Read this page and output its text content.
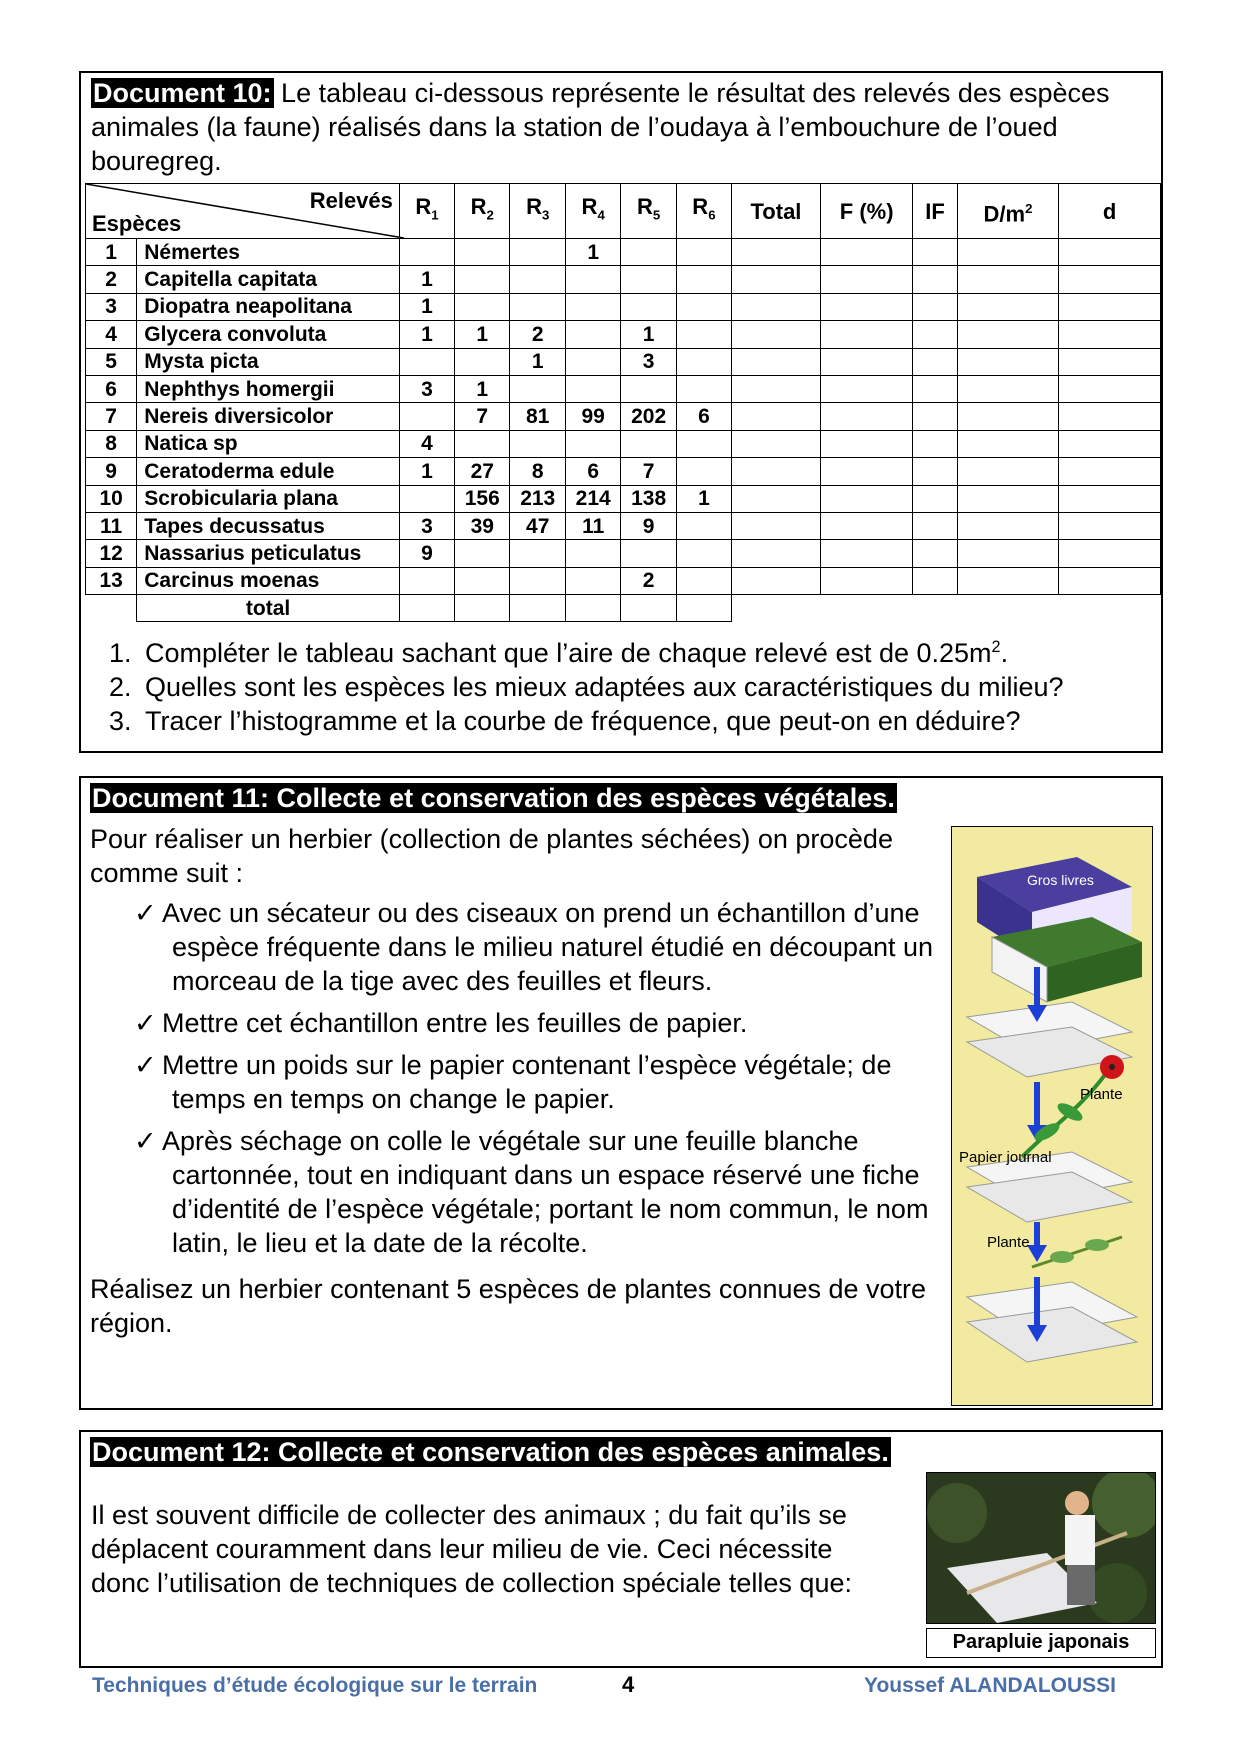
Document 10: Le tableau ci-dessous représente le résultat des relevés des espèces animales (la faune) réalisés dans la station de l’oudaya à l’embouchure de l’oued bouregreg.
Relevés
Espèces		$R_1$	$R_2$	$R_3$	$R_4$	$R_5$	$R_6$	Total	F (%)	IF	$D/m^2$	d
1	Némertes				1							
2	Capitella capitata	1										
3	Diopatra neapolitana	1										
4	Glycera convoluta	1	1	2		1						
5	Mysta picta			1		3						
6	Nephthys homergii	3	1									
7	Nereis diversicolor		7	81	99	202	6					
8	Natica sp	4										
9	Ceratoderma edule	1	27	8	6	7						
10	Scrobicularia plana		156	213	214	138	1					
11	Tapes decussatus	3	39	47	11	9						
12	Nassarius peticulatus	9										
13	Carcinus moenas					2						
	total											
1. Compléter le tableau sachant que l’aire de chaque relevé est de $0.25m^2$.
2. Quelles sont les espèces les mieux adaptées aux caractéristiques du milieu?
3. Tracer l’histogramme et la courbe de fréquence, que peut-on en déduire?
Document 11: Collecte et conservation des espèces végétales.
Pour réaliser un herbier (collection de plantes séchées) on procède comme suit :
✓ Avec un sécateur ou des ciseaux on prend un échantillon d’une espèce fréquente dans le milieu naturel étudié en découpant un morceau de la tige avec des feuilles et fleurs.
✓ Mettre cet échantillon entre les feuilles de papier.
✓ Mettre un poids sur le papier contenant l’espèce végétale; de temps en temps on change le papier.
✓ Après séchage on colle le végétale sur une feuille blanche cartonnée, tout en indiquant dans un espace réservé une fiche d’identité de l’espèce végétale; portant le nom commun, le nom latin, le lieu et la date de la récolte.
Réalisez un herbier contenant 5 espèces de plantes connues de votre région.
Gros livres
Plante
Papier journal
Plante
Document 12: Collecte et conservation des espèces animales.
Il est souvent difficile de collecter des animaux ; du fait qu’ils se déplacent couramment dans leur milieu de vie. Ceci nécessite donc l’utilisation de techniques de collection spéciale telles que:
Parapluie japonais
Techniques d’étude écologique sur le terrain	4	Youssef ALANDALOUSSI
